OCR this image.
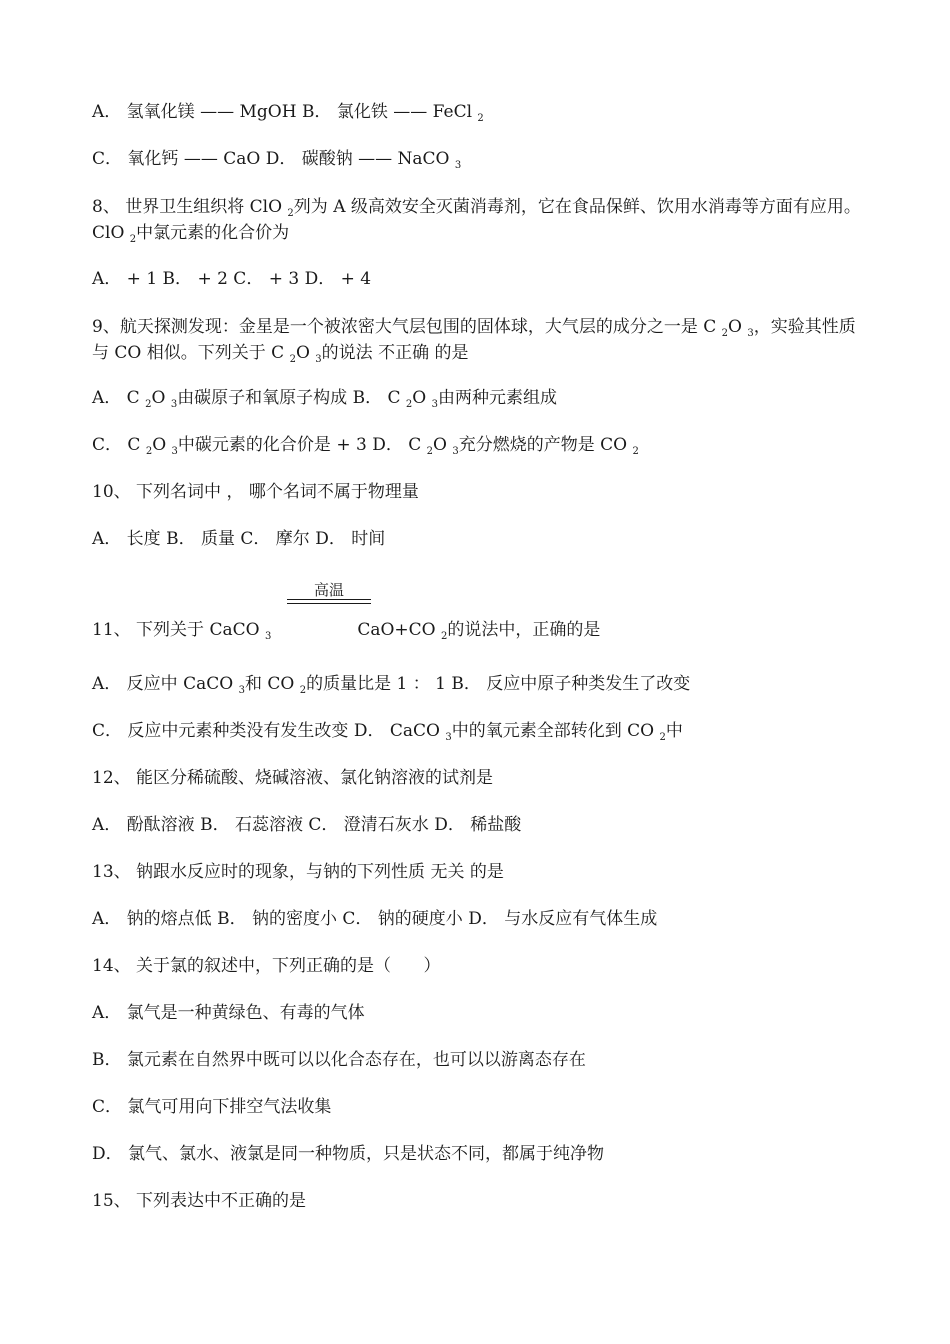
A． 氢氧化镁 —— MgOH B． 氯化铁 —— FeCl $_2$
C． 氧化钙 —— CaO D． 碳酸钠 —— NaCO $_3$
8、 世界卫生组织将 ClO $_2$列为 A 级高效安全灭菌消毒剂，它在食品保鲜、饮用水消毒等方面有应用。 ClO $_2$中氯元素的化合价为
A． + 1 B． + 2 C． + 3 D． + 4
9、航天探测发现：金星是一个被浓密大气层包围的固体球，大气层的成分之一是 C $_2$O $_3$，实验其性质与 CO 相似。下列关于 C $_2$O $_3$的说法 不正确 的是
A． C $_2$O $_3$由碳原子和氧原子构成 B． C $_2$O $_3$由两种元素组成
C． C $_2$O $_3$中碳元素的化合价是 + 3 D． C $_2$O $_3$充分燃烧的产物是 CO $_2$
10、 下列名词中 ， 哪个名词不属于物理量
A． 长度 B． 质量 C． 摩尔 D． 时间
高温
11、 下列关于 CaCO $_3$	CaO+CO $_2$的说法中，正确的是
A． 反应中 CaCO $_3$和 CO $_2$的质量比是 1 ： 1 B． 反应中原子种类发生了改变
C． 反应中元素种类没有发生改变 D． CaCO $_3$中的氧元素全部转化到 CO $_2$中
12、 能区分稀硫酸、烧碱溶液、氯化钠溶液的试剂是
A． 酚酞溶液 B． 石蕊溶液 C． 澄清石灰水 D． 稀盐酸
13、 钠跟水反应时的现象，与钠的下列性质 无关 的是
A． 钠的熔点低 B． 钠的密度小 C． 钠的硬度小 D． 与水反应有气体生成
14、 关于氯的叙述中，下列正确的是（      ）
A． 氯气是一种黄绿色、有毒的气体
B． 氯元素在自然界中既可以以化合态存在，也可以以游离态存在
C． 氯气可用向下排空气法收集
D． 氯气、氯水、液氯是同一种物质，只是状态不同，都属于纯净物
15、 下列表达中不正确的是
